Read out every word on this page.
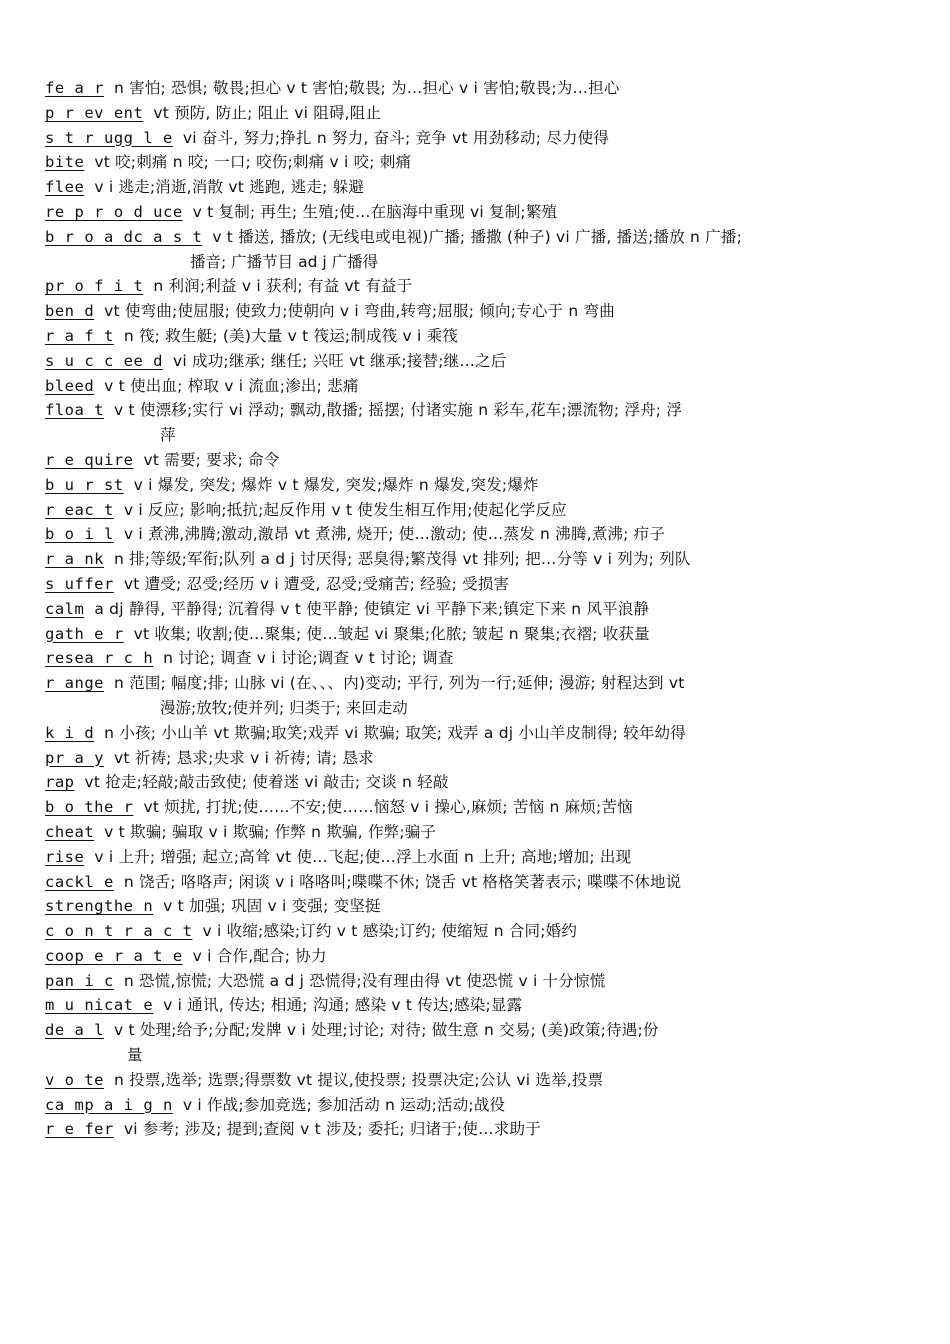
fe a r n 害怕; 恐惧; 敬畏;担心 v t 害怕;敬畏; 为…担心 v i 害怕;敬畏;为…担心
p r ev ent vt 预防, 防止; 阻止 vi 阻碍,阻止
s t r ugg l e vi 奋斗, 努力;挣扎 n 努力, 奋斗; 竞争 vt 用劲移动; 尽力使得
bite vt 咬;刺痛 n 咬; 一口; 咬伤;刺痛 v i 咬; 刺痛
flee v i 逃走;消逝,消散 vt 逃跑, 逃走; 躲避
re p r o d uce v t 复制; 再生; 生殖;使…在脑海中重现 vi 复制;繁殖
b r o a dc a s t v t 播送, 播放; (无线电或电视)广播; 播撒 (种子) vi 广播, 播送;播放 n 广播;
播音; 广播节目 ad j 广播得
pr o f i t n 利润;利益 v i 获利; 有益 vt 有益于
ben d vt 使弯曲;使屈服; 使致力;使朝向 v i 弯曲,转弯;屈服; 倾向;专心于 n 弯曲
r a f t n 筏; 救生艇; (美)大量 v t 筏运;制成筏 v i 乘筏
s u c c ee d vi 成功;继承; 继任; 兴旺 vt 继承;接替;继…之后
bleed v t 使出血; 榨取 v i 流血;渗出; 悲痛
floa t v t 使漂移;实行 vi 浮动; 飘动,散播; 摇摆; 付诸实施 n 彩车,花车;漂流物; 浮舟; 浮
萍
r e quire vt 需要; 要求; 命令
b u r st v i 爆发, 突发; 爆炸 v t 爆发, 突发;爆炸 n 爆发,突发;爆炸
r eac t v i 反应; 影响;抵抗;起反作用 v t 使发生相互作用;使起化学反应
b o i l v i 煮沸,沸腾;激动,激昂 vt 煮沸, 烧开; 使…激动; 使…蒸发 n 沸腾,煮沸; 疖子
r a nk n 排;等级;军衔;队列 a d j 讨厌得; 恶臭得;繁茂得 vt 排列; 把…分等 v i 列为; 列队
s uffer vt 遭受; 忍受;经历 v i 遭受, 忍受;受痛苦; 经验; 受损害
calm a dj 静得, 平静得; 沉着得 v t 使平静; 使镇定 vi 平静下来;镇定下来 n 风平浪静
gath e r vt 收集; 收割;使…聚集; 使…皱起 vi 聚集;化脓; 皱起 n 聚集;衣褶; 收获量
resea r c h n 讨论; 调查 v i 讨论;调查 v t 讨论; 调查
r ange n 范围; 幅度;排; 山脉 vi (在、、、内)变动; 平行, 列为一行;延伸; 漫游; 射程达到 vt
漫游;放牧;使并列; 归类于; 来回走动
k i d n 小孩; 小山羊 vt 欺骗;取笑;戏弄 vi 欺骗; 取笑; 戏弄 a dj 小山羊皮制得; 较年幼得
pr a y vt 祈祷; 恳求;央求 v i 祈祷; 请; 恳求
rap vt 抢走;轻敲;敲击致使; 使着迷 vi 敲击; 交谈 n 轻敲
b o the r vt 烦扰, 打扰;使……不安;使……恼怒 v i 操心,麻烦; 苦恼 n 麻烦;苦恼
cheat v t 欺骗; 骗取 v i 欺骗; 作弊 n 欺骗, 作弊;骗子
rise v i 上升; 增强; 起立;高耸 vt 使…飞起;使…浮上水面 n 上升; 高地;增加; 出现
cackl e n 饶舌; 咯咯声; 闲谈 v i 咯咯叫;喋喋不休; 饶舌 vt 格格笑著表示; 喋喋不休地说
strengthe n v t 加强; 巩固 v i 变强; 变坚挺
c o n t r a c t v i 收缩;感染;订约 v t 感染;订约; 使缩短 n 合同;婚约
coop e r a t e v i 合作,配合; 协力
pan i c n 恐慌,惊慌; 大恐慌 a d j 恐慌得;没有理由得 vt 使恐慌 v i 十分惊慌
m u nicat e v i 通讯, 传达; 相通; 沟通; 感染 v t 传达;感染;显露
de a l v t 处理;给予;分配;发牌 v i 处理;讨论; 对待; 做生意 n 交易; (美)政策;待遇;份
量
v o te n 投票,选举; 选票;得票数 vt 提议,使投票; 投票决定;公认 vi 选举,投票
ca mp a i g n v i 作战;参加竞选; 参加活动 n 运动;活动;战役
r e fer vi 参考; 涉及; 提到;查阅 v t 涉及; 委托; 归诸于;使…求助于
